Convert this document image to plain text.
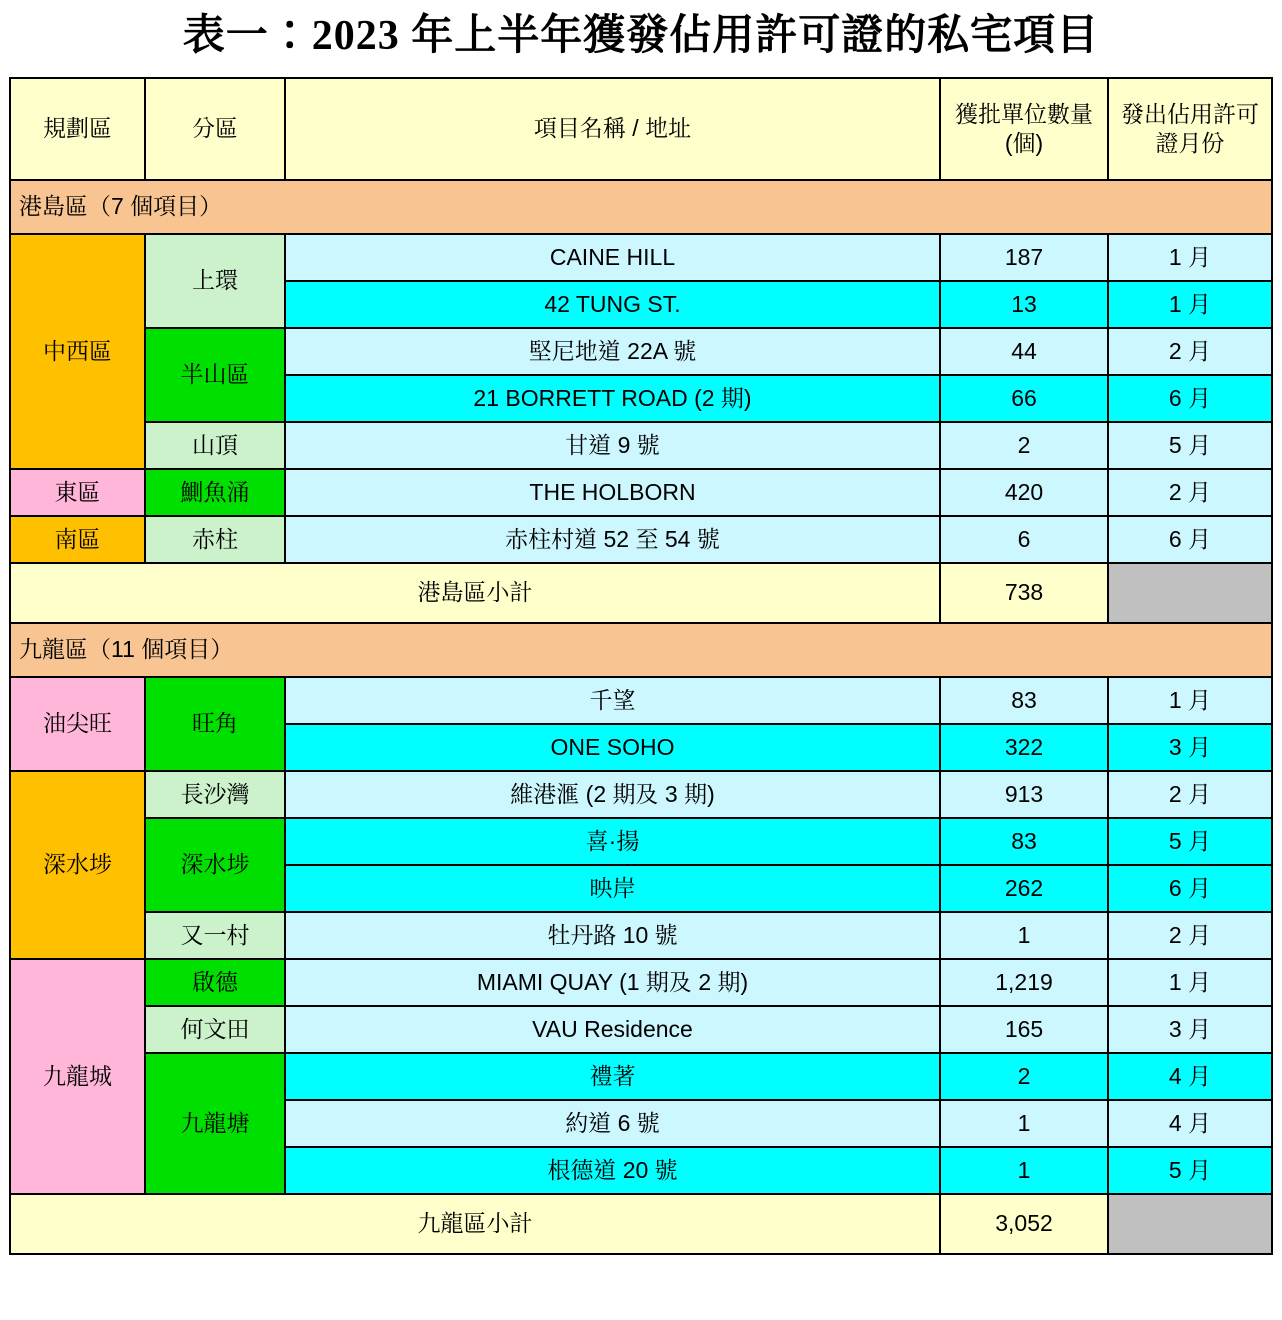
表一：2023 年上半年獲發佔用許可證的私宅項目
規劃區	分區	項目名稱 / 地址	獲批單位數量(個)	發出佔用許可證月份
港島區（7 個項目）				
中西區	上環	CAINE HILL	187	1 月
		42 TUNG ST.	13	1 月
	半山區	堅尼地道 22A 號	44	2 月
		21 BORRETT ROAD (2 期)	66	6 月
	山頂	甘道 9 號	2	5 月
東區	鰂魚涌	THE HOLBORN	420	2 月
南區	赤柱	赤柱村道 52 至 54 號	6	6 月
港島區小計			738	
九龍區（11 個項目）				
油尖旺	旺角	千望	83	1 月
		ONE SOHO	322	3 月
深水埗	長沙灣	維港滙 (2 期及 3 期)	913	2 月
	深水埗	喜·揚	83	5 月
		映岸	262	6 月
	又一村	牡丹路 10 號	1	2 月
九龍城	啟德	MIAMI QUAY (1 期及 2 期)	1,219	1 月
	何文田	VAU Residence	165	3 月
	九龍塘	禮著	2	4 月
		約道 6 號	1	4 月
		根德道 20 號	1	5 月
九龍區小計			3,052	
